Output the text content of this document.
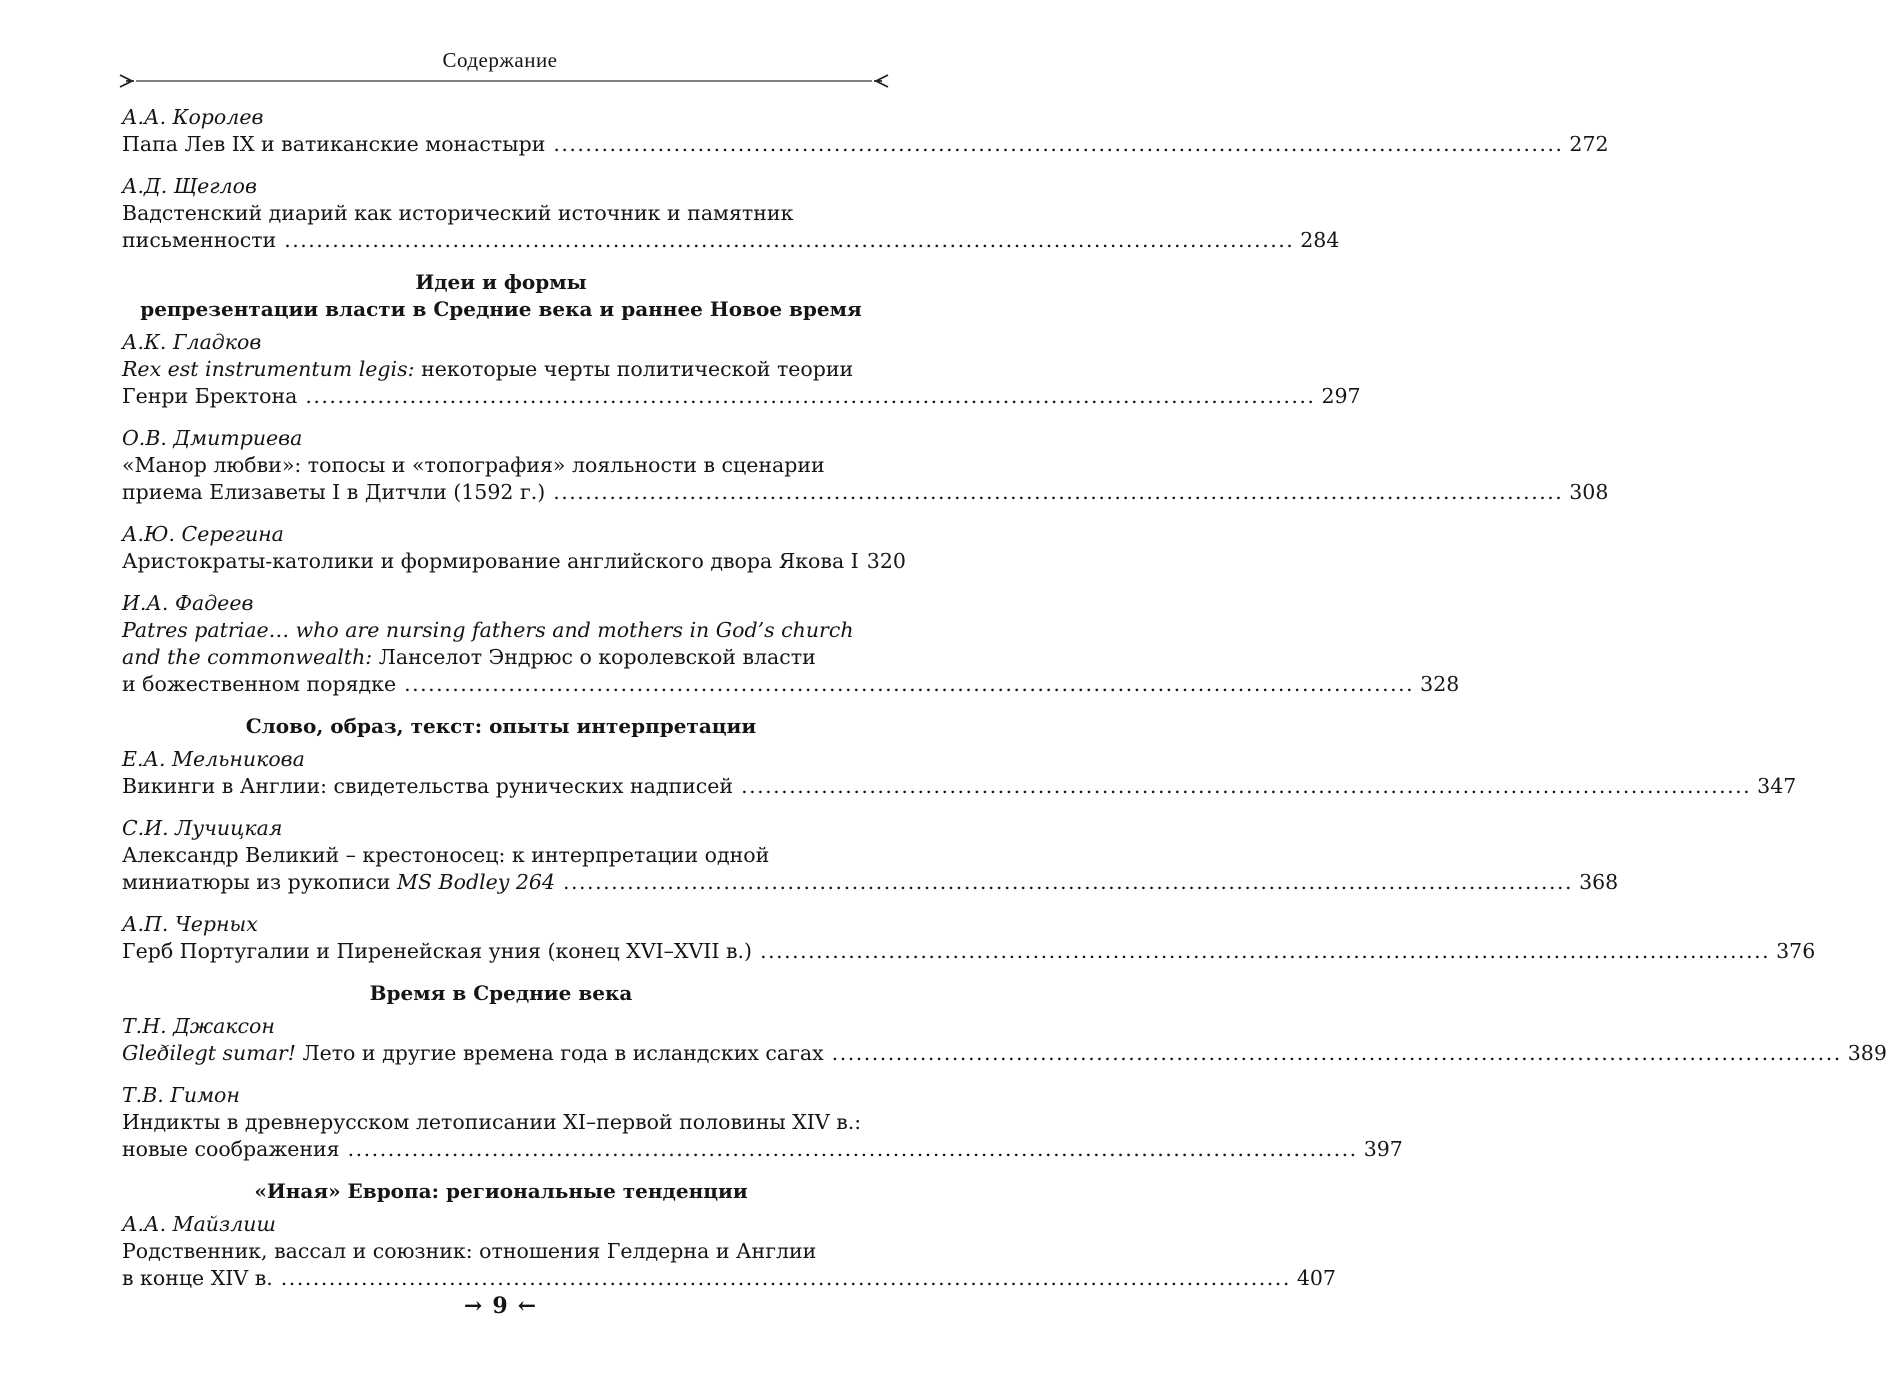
Содержание
А.А. Королев
Папа Лев IX и ватиканские монастыри .............................................................................................................................. 272
А.Д. Щеглов
Вадстенский диарий как исторический источник и памятник
письменности .............................................................................................................................. 284
Идеи и формы
репрезентации власти в Средние века и раннее Новое время
А.К. Гладков
Rex est instrumentum legis: некоторые черты политической теории
Генри Бректона .............................................................................................................................. 297
О.В. Дмитриева
«Манор любви»: топосы и «топография» лояльности в сценарии
приема Елизаветы I в Дитчли (1592 г.) .............................................................................................................................. 308
А.Ю. Серегина
Аристократы-католики и формирование английского двора Якова I 320
И.А. Фадеев
Patres patriae… who are nursing fathers and mothers in God’s church
and the commonwealth: Ланселот Эндрюс о королевской власти
и божественном порядке .............................................................................................................................. 328
Слово, образ, текст: опыты интерпретации
Е.А. Мельникова
Викинги в Англии: свидетельства рунических надписей .............................................................................................................................. 347
С.И. Лучицкая
Александр Великий – крестоносец: к интерпретации одной
миниатюры из рукописи MS Bodley 264 .............................................................................................................................. 368
А.П. Черных
Герб Португалии и Пиренейская уния (конец XVI–XVII в.) .............................................................................................................................. 376
Время в Средние века
Т.Н. Джаксон
Gleðilegt sumar! Лето и другие времена года в исландских сагах .............................................................................................................................. 389
Т.В. Гимон
Индикты в древнерусском летописании XI–первой половины XIV в.:
новые соображения .............................................................................................................................. 397
«Иная» Европа: региональные тенденции
А.А. Майзлиш
Родственник, вассал и союзник: отношения Гелдерна и Англии
в конце XIV в. .............................................................................................................................. 407
→ 9 ←
